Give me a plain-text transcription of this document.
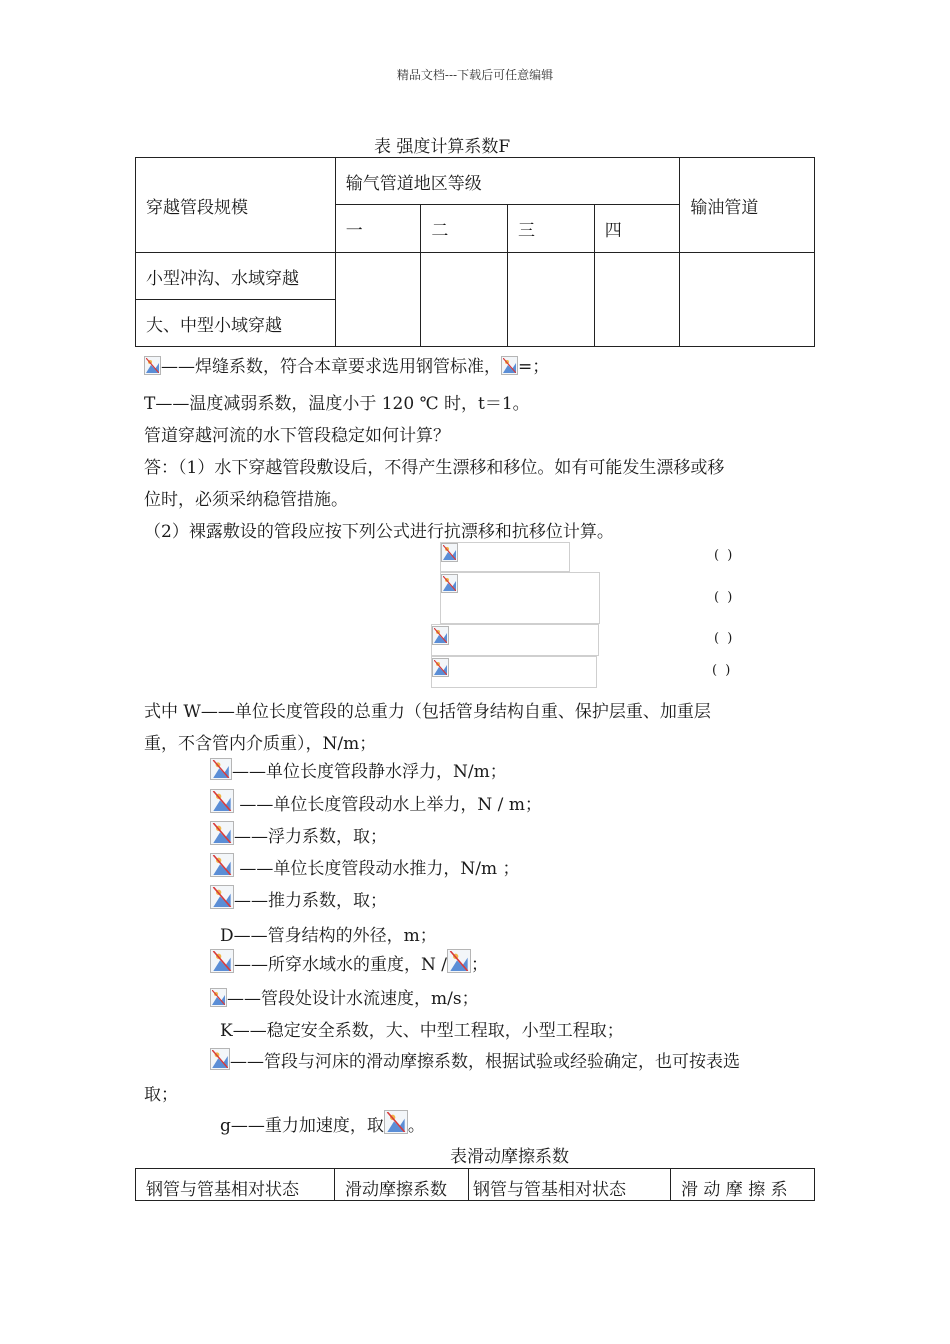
精品文档---下载后可任意编辑
表 强度计算系数F
穿越管段规模	输气管道地区等级				输油管道
	一	二	三	四	
小型冲沟、水域穿越					
大、中型小域穿越					
——焊缝系数，符合本章要求选用钢管标准， =；
T——温度减弱系数，温度小于 120 ℃ 时，t＝1。
管道穿越河流的水下管段稳定如何计算？
答：（1）水下穿越管段敷设后，不得产生漂移和移位。如有可能发生漂移或移
位时，必须采纳稳管措施。
（2）裸露敷设的管段应按下列公式进行抗漂移和抗移位计算。
( )
( )
( )
( )
式中 W——单位长度管段的总重力（包括管身结构自重、保护层重、加重层
重，不含管内介质重），N/m；
——单位长度管段静水浮力，N/m；
——单位长度管段动水上举力，N / m；
——浮力系数，取；
——单位长度管段动水推力，N/m ；
——推力系数，取；
D——管身结构的外径，m；
——所穿水域水的重度，N / ；
——管段处设计水流速度，m/s；
K——稳定安全系数，大、中型工程取，小型工程取；
——管段与河床的滑动摩擦系数，根据试验或经验确定，也可按表选
取；
g——重力加速度，取 。
表滑动摩擦系数
钢管与管基相对状态	滑动摩擦系数	钢管与管基相对状态	滑 动 摩 擦 系
